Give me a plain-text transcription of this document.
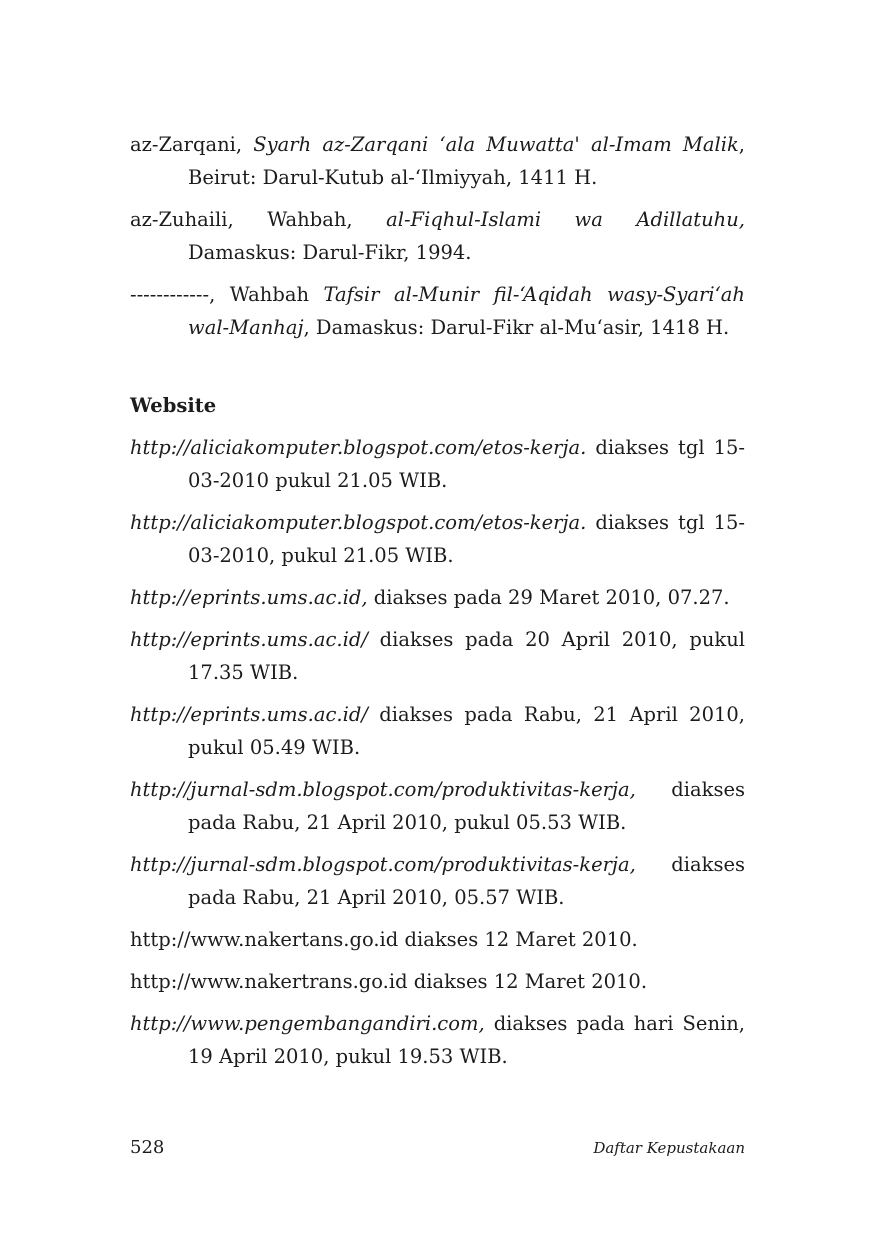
az-Zarqani, Syarh az-Zarqani ‘ala Muwatta' al-Imam Malik, Beirut: Darul-Kutub al-‘Ilmiyyah, 1411 H.

az-Zuhaili, Wahbah, al-Fiqhul-Islami wa Adillatuhu, Damaskus: Darul-Fikr, 1994.

------------, Wahbah Tafsir al-Munir fil-‘Aqidah wasy-Syari‘ah wal-Manhaj, Damaskus: Darul-Fikr al-Mu‘asir, 1418 H.

Website

http://aliciakomputer.blogspot.com/etos-kerja. diakses tgl 15-03-2010 pukul 21.05 WIB.

http://aliciakomputer.blogspot.com/etos-kerja. diakses tgl 15-03-2010, pukul 21.05 WIB.

http://eprints.ums.ac.id, diakses pada 29 Maret 2010, 07.27.

http://eprints.ums.ac.id/ diakses pada 20 April 2010, pukul 17.35 WIB.

http://eprints.ums.ac.id/ diakses pada Rabu, 21 April 2010, pukul 05.49 WIB.

http://jurnal-sdm.blogspot.com/produktivitas-kerja, diakses pada Rabu, 21 April 2010, pukul 05.53 WIB.

http://jurnal-sdm.blogspot.com/produktivitas-kerja, diakses pada Rabu, 21 April 2010, 05.57 WIB.

http://www.nakertans.go.id diakses 12 Maret 2010.

http://www.nakertrans.go.id diakses 12 Maret 2010.

http://www.pengembangandiri.com, diakses pada hari Senin, 19 April 2010, pukul 19.53 WIB.

528	Daftar Kepustakaan
